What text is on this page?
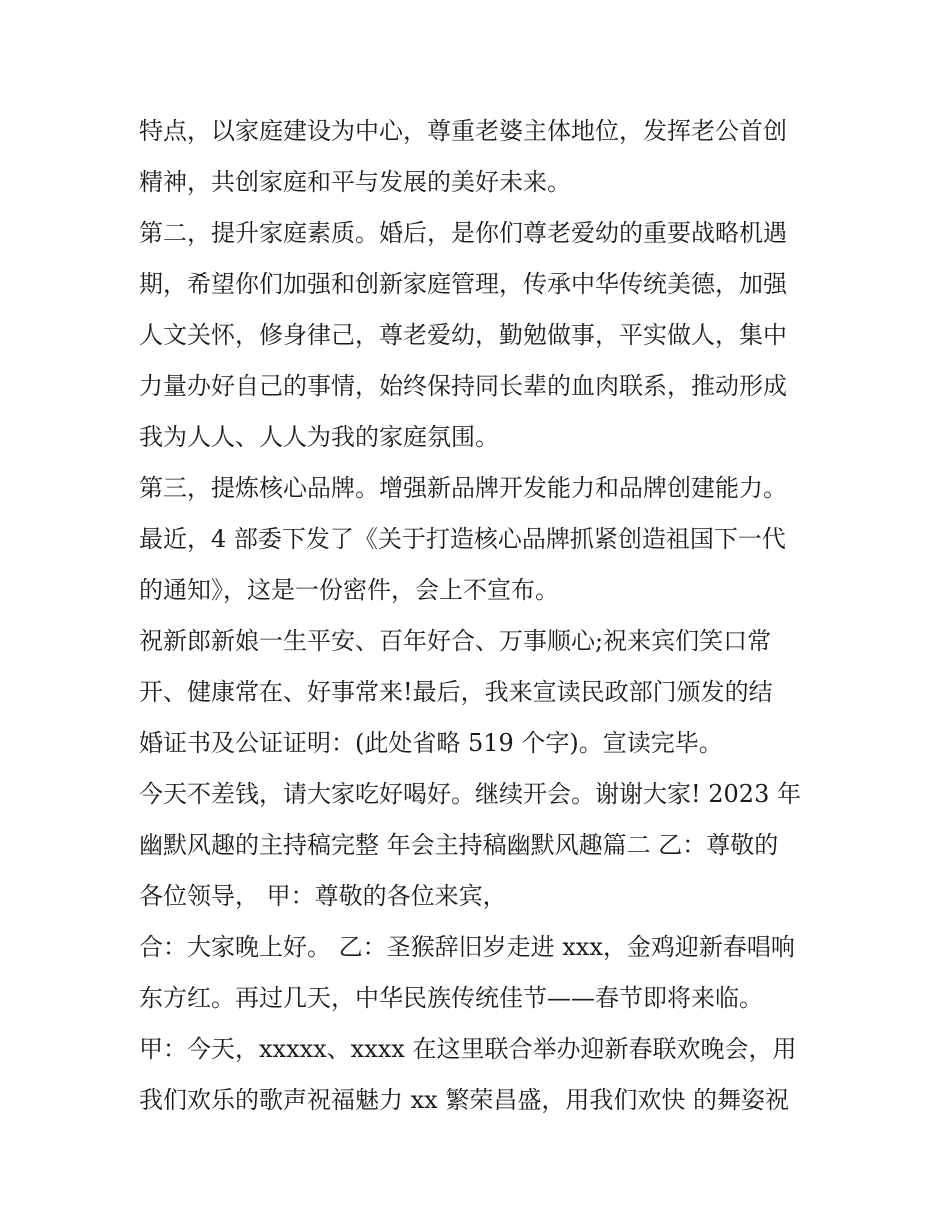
特点，以家庭建设为中心，尊重老婆主体地位，发挥老公首创
精神，共创家庭和平与发展的美好未来。
第二，提升家庭素质。婚后，是你们尊老爱幼的重要战略机遇
期，希望你们加强和创新家庭管理，传承中华传统美德，加强
人文关怀，修身律己，尊老爱幼，勤勉做事，平实做人，集中
力量办好自己的事情，始终保持同长辈的血肉联系，推动形成
我为人人、人人为我的家庭氛围。
第三，提炼核心品牌。增强新品牌开发能力和品牌创建能力。
最近，4 部委下发了《关于打造核心品牌抓紧创造祖国下一代
的通知》，这是一份密件，会上不宣布。
祝新郎新娘一生平安、百年好合、万事顺心;祝来宾们笑口常
开、健康常在、好事常来!最后，我来宣读民政部门颁发的结
婚证书及公证证明：(此处省略 519 个字)。宣读完毕。
今天不差钱，请大家吃好喝好。继续开会。谢谢大家! 2023 年
幽默风趣的主持稿完整 年会主持稿幽默风趣篇二 乙：尊敬的
各位领导， 甲：尊敬的各位来宾，
合：大家晚上好。 乙：圣猴辞旧岁走进 xxx，金鸡迎新春唱响
东方红。再过几天，中华民族传统佳节——春节即将来临。
甲：今天，xxxxx、xxxx 在这里联合举办迎新春联欢晚会，用
我们欢乐的歌声祝福魅力 xx 繁荣昌盛，用我们欢快 的舞姿祝
